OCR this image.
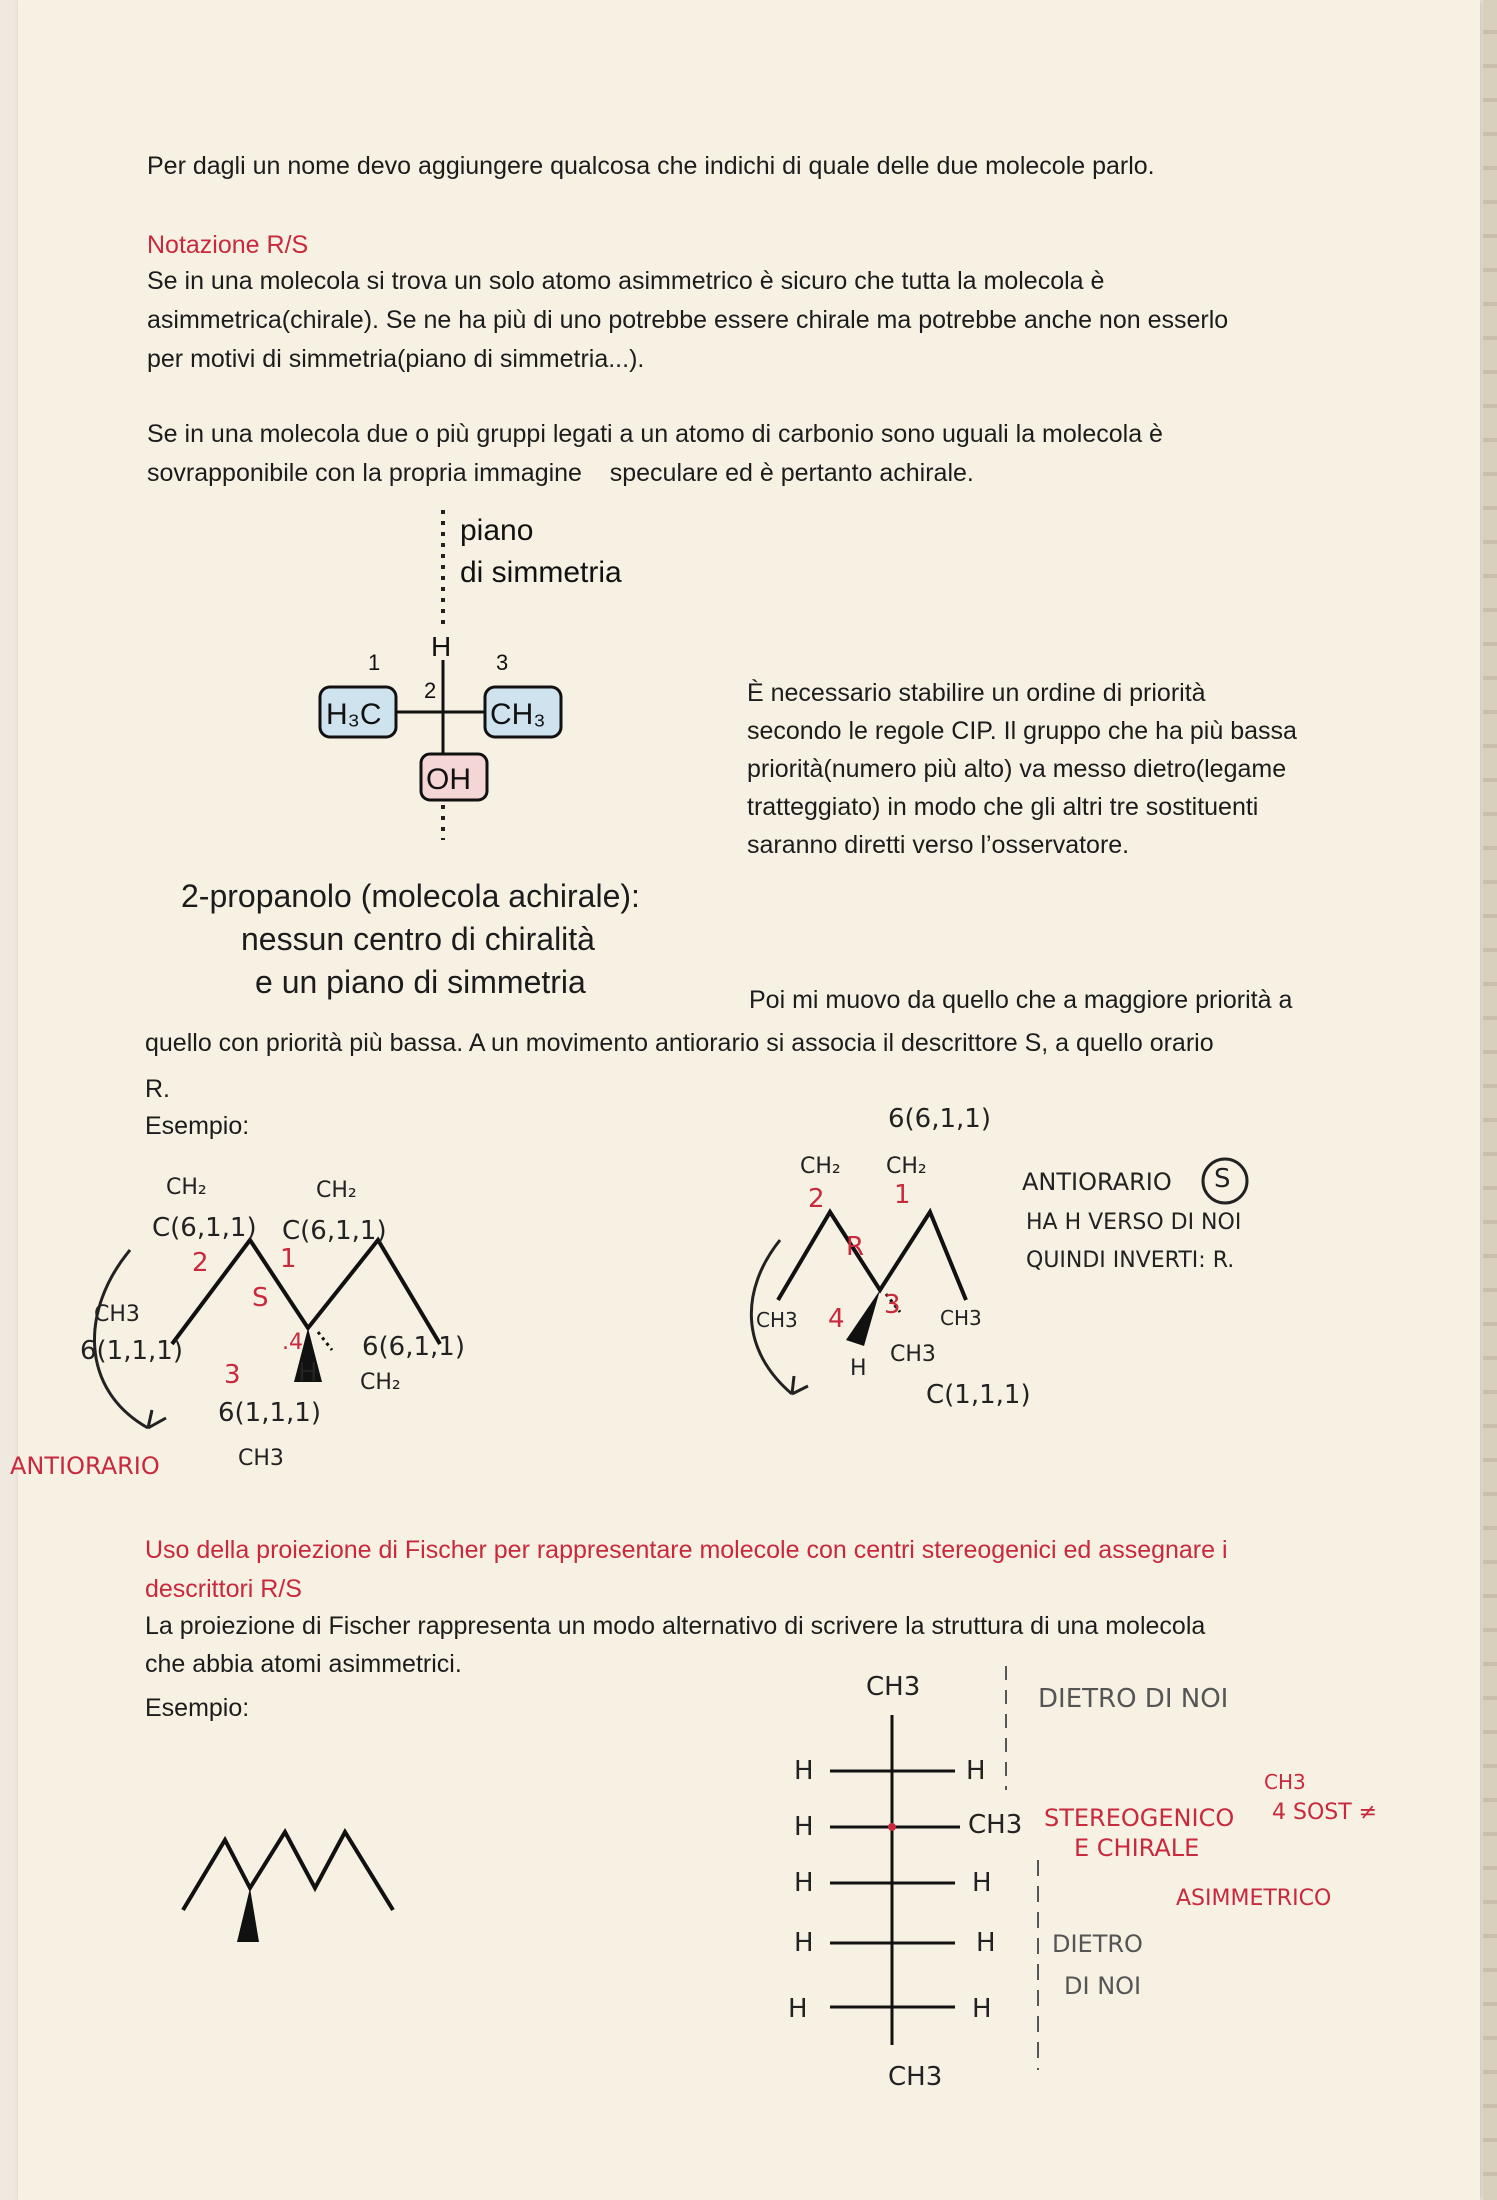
Per dagli un nome devo aggiungere qualcosa che indichi di quale delle due molecole parlo.
Notazione R/S
Se in una molecola si trova un solo atomo asimmetrico è sicuro che tutta la molecola è
asimmetrica(chirale). Se ne ha più di uno potrebbe essere chirale ma potrebbe anche non esserlo
per motivi di simmetria(piano di simmetria...).
Se in una molecola due o più gruppi legati a un atomo di carbonio sono uguali la molecola è
sovrapponibile con la propria immagine    speculare ed è pertanto achirale.
piano
di simmetria
H
H₃C	CH₃
OH
1
2
3
2-propanolo (molecola achirale):
nessun centro di chiralità
e un piano di simmetria
È necessario stabilire un ordine di priorità
secondo le regole CIP. Il gruppo che ha più bassa
priorità(numero più alto) va messo dietro(legame
tratteggiato) in modo che gli altri tre sostituenti
saranno diretti verso l’osservatore.
Poi mi muovo da quello che a maggiore priorità a
quello con priorità più bassa. A un movimento antiorario si associa il descrittore S, a quello orario
R.
Esempio:
CH₂	CH₂
C(6,1,1) C(6,1,1)
2	1
S
CH3
6(1,1,1)
3
.4
H
6(6,1,1)
CH₂
6(1,1,1)
CH3
ANTIORARIO
6(6,1,1)
CH₂ CH₂
2	1
R
CH3 4 3 CH3
CH3
H
C(1,1,1)
ANTIORARIO S
HA H VERSO DI NOI
QUINDI INVERTI: R.
Uso della proiezione di Fischer per rappresentare molecole con centri stereogenici ed assegnare i
descrittori R/S
La proiezione di Fischer rappresenta un modo alternativo di scrivere la struttura di una molecola
che abbia atomi asimmetrici.
Esempio:
CH3
CH3
H
H
H
H
H
H
CH3
H
H
H
DIETRO DI NOI
STEREOGENICO
E CHIRALE
CH3
4 SOST ≠
ASIMMETRICO
DIETRO
DI NOI
